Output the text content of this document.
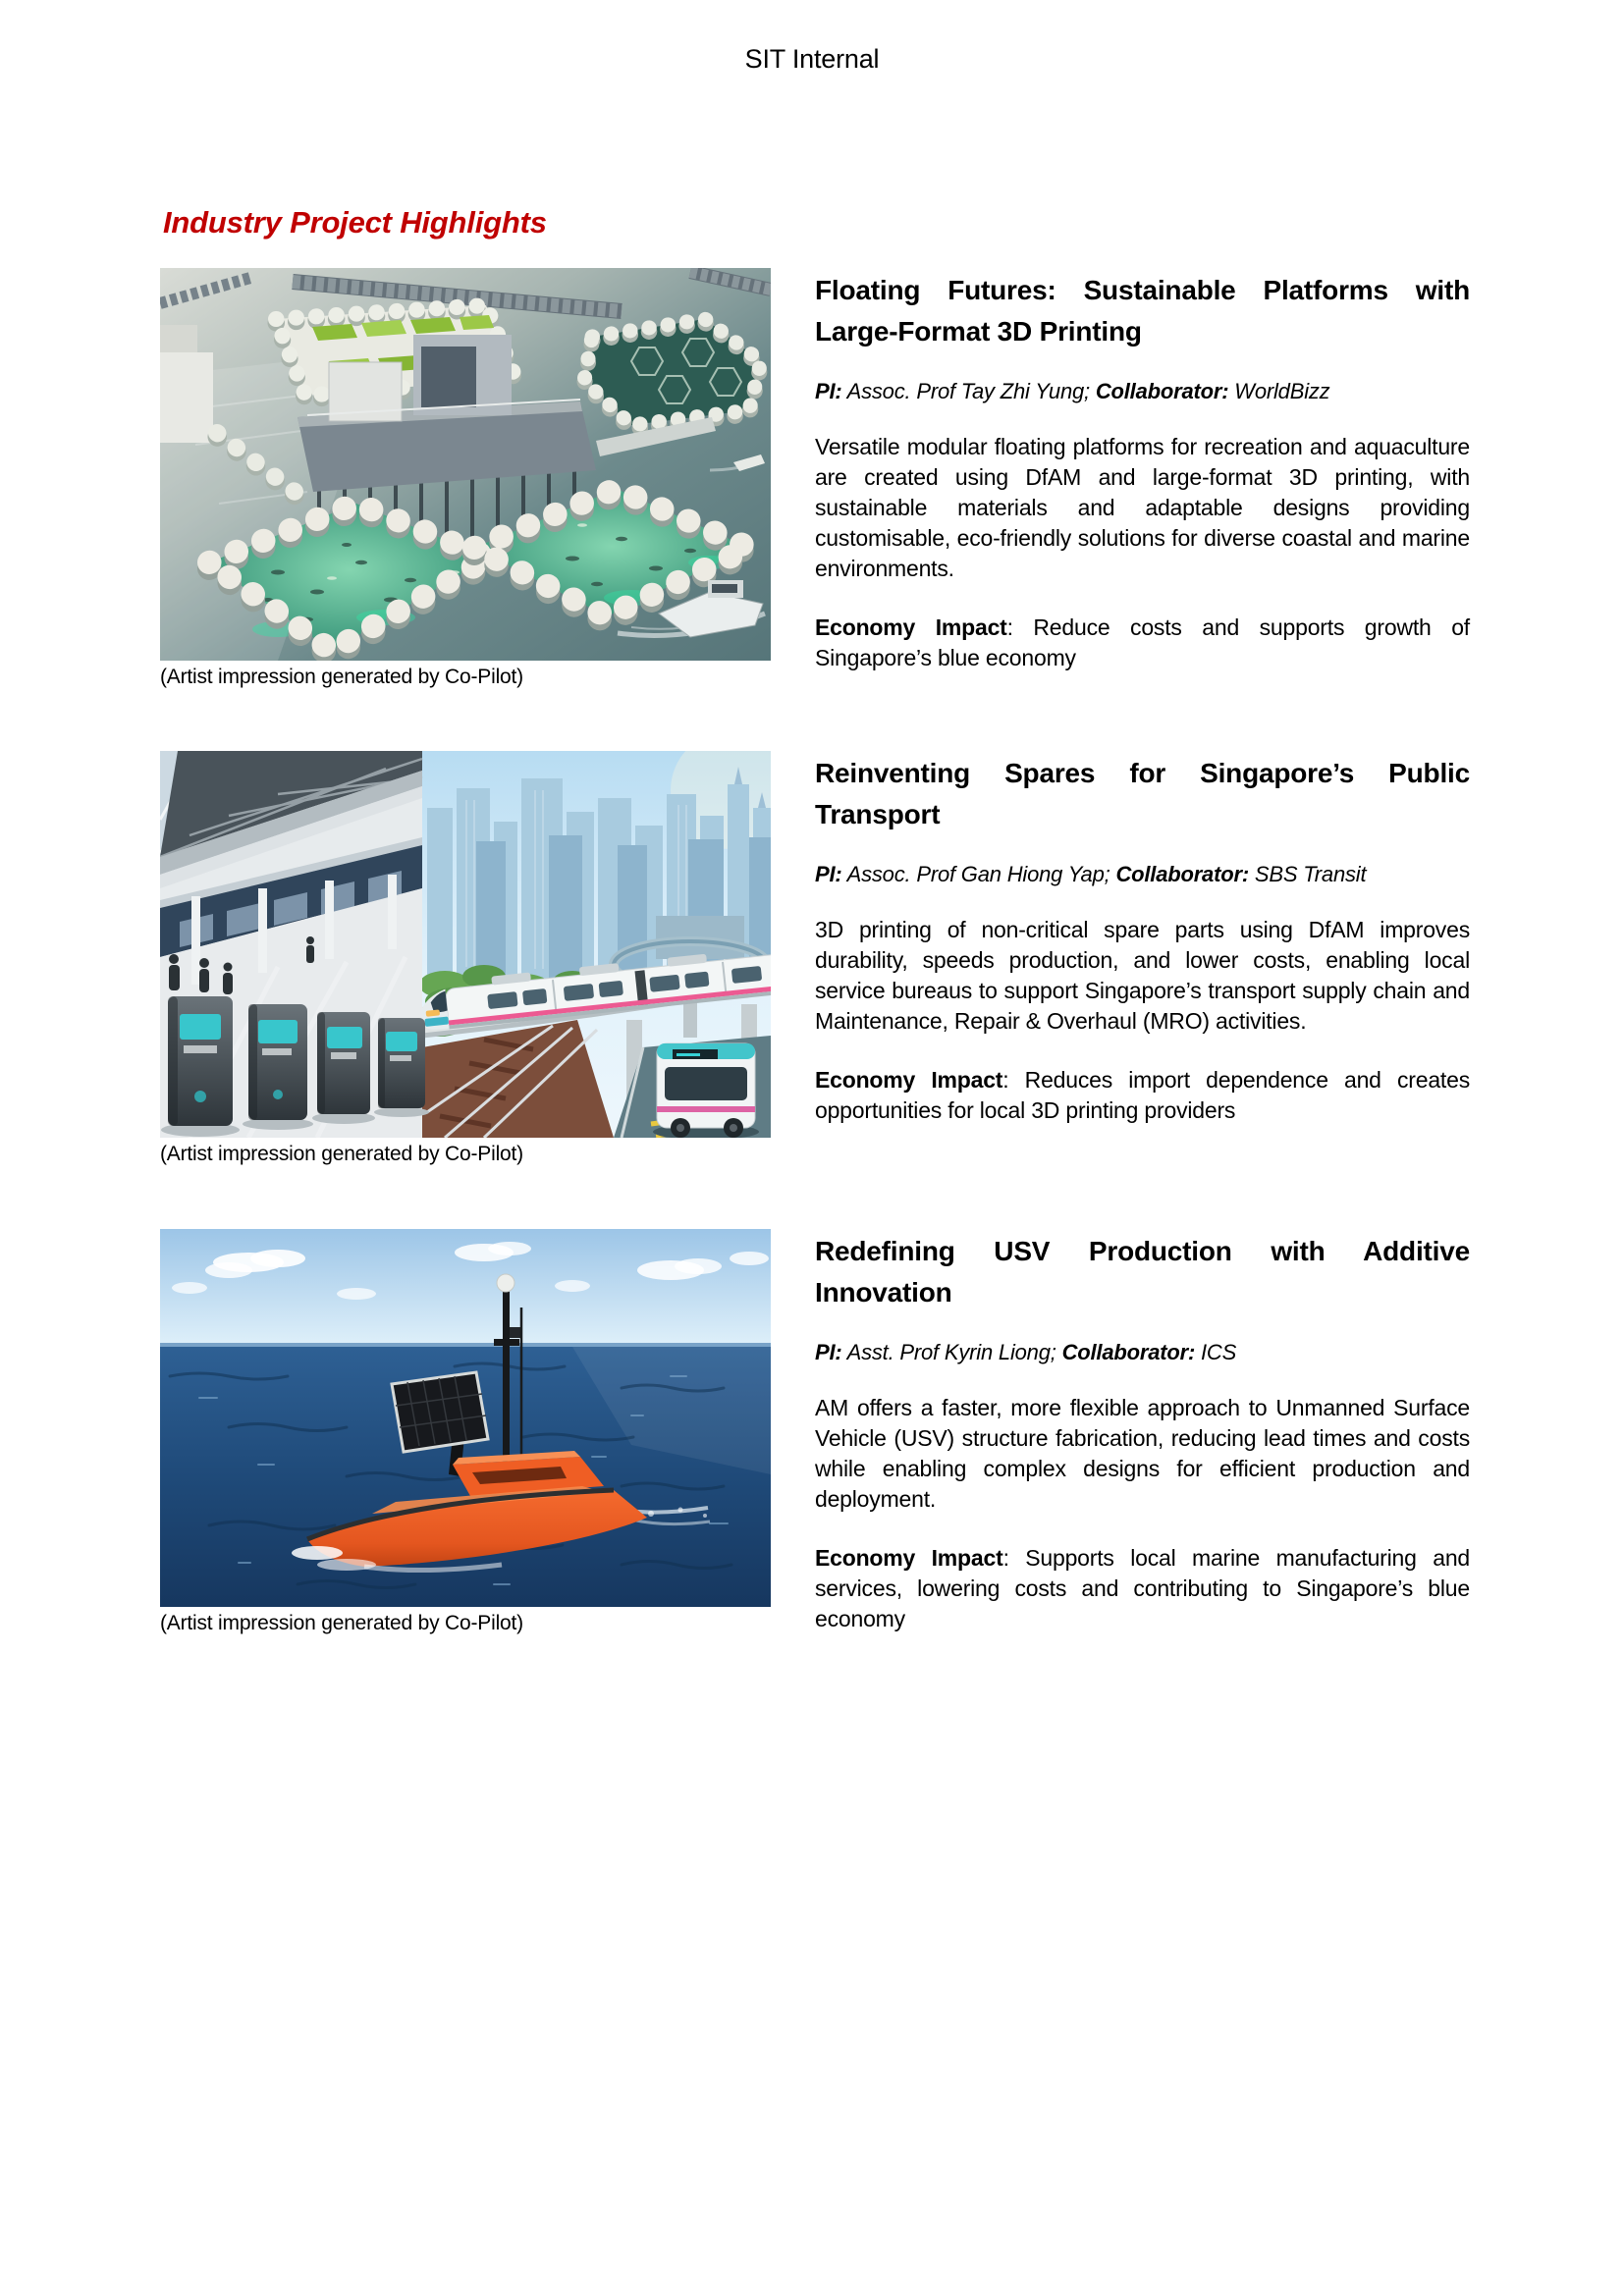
SIT Internal
Industry Project Highlights
(Artist impression generated by Co-Pilot)
Floating Futures: Sustainable Platforms with Large-Format 3D Printing

PI: Assoc. Prof Tay Zhi Yung; Collaborator: WorldBizz

Versatile modular floating platforms for recreation and aquaculture are created using DfAM and large-format 3D printing, with sustainable materials and adaptable designs providing customisable, eco-friendly solutions for diverse coastal and marine environments.

Economy Impact: Reduce costs and supports growth of Singapore’s blue economy

(Artist impression generated by Co-Pilot)
Reinventing Spares for Singapore’s Public Transport

PI: Assoc. Prof Gan Hiong Yap; Collaborator: SBS Transit

3D printing of non-critical spare parts using DfAM improves durability, speeds production, and lower costs, enabling local service bureaus to support Singapore’s transport supply chain and Maintenance, Repair & Overhaul (MRO) activities.

Economy Impact: Reduces import dependence and creates opportunities for local 3D printing providers

(Artist impression generated by Co-Pilot)
Redefining USV Production with Additive Innovation

PI: Asst. Prof Kyrin Liong; Collaborator: ICS

AM offers a faster, more flexible approach to Unmanned Surface Vehicle (USV) structure fabrication, reducing lead times and costs while enabling complex designs for efficient production and deployment.

Economy Impact: Supports local marine manufacturing and services, lowering costs and contributing to Singapore’s blue economy
